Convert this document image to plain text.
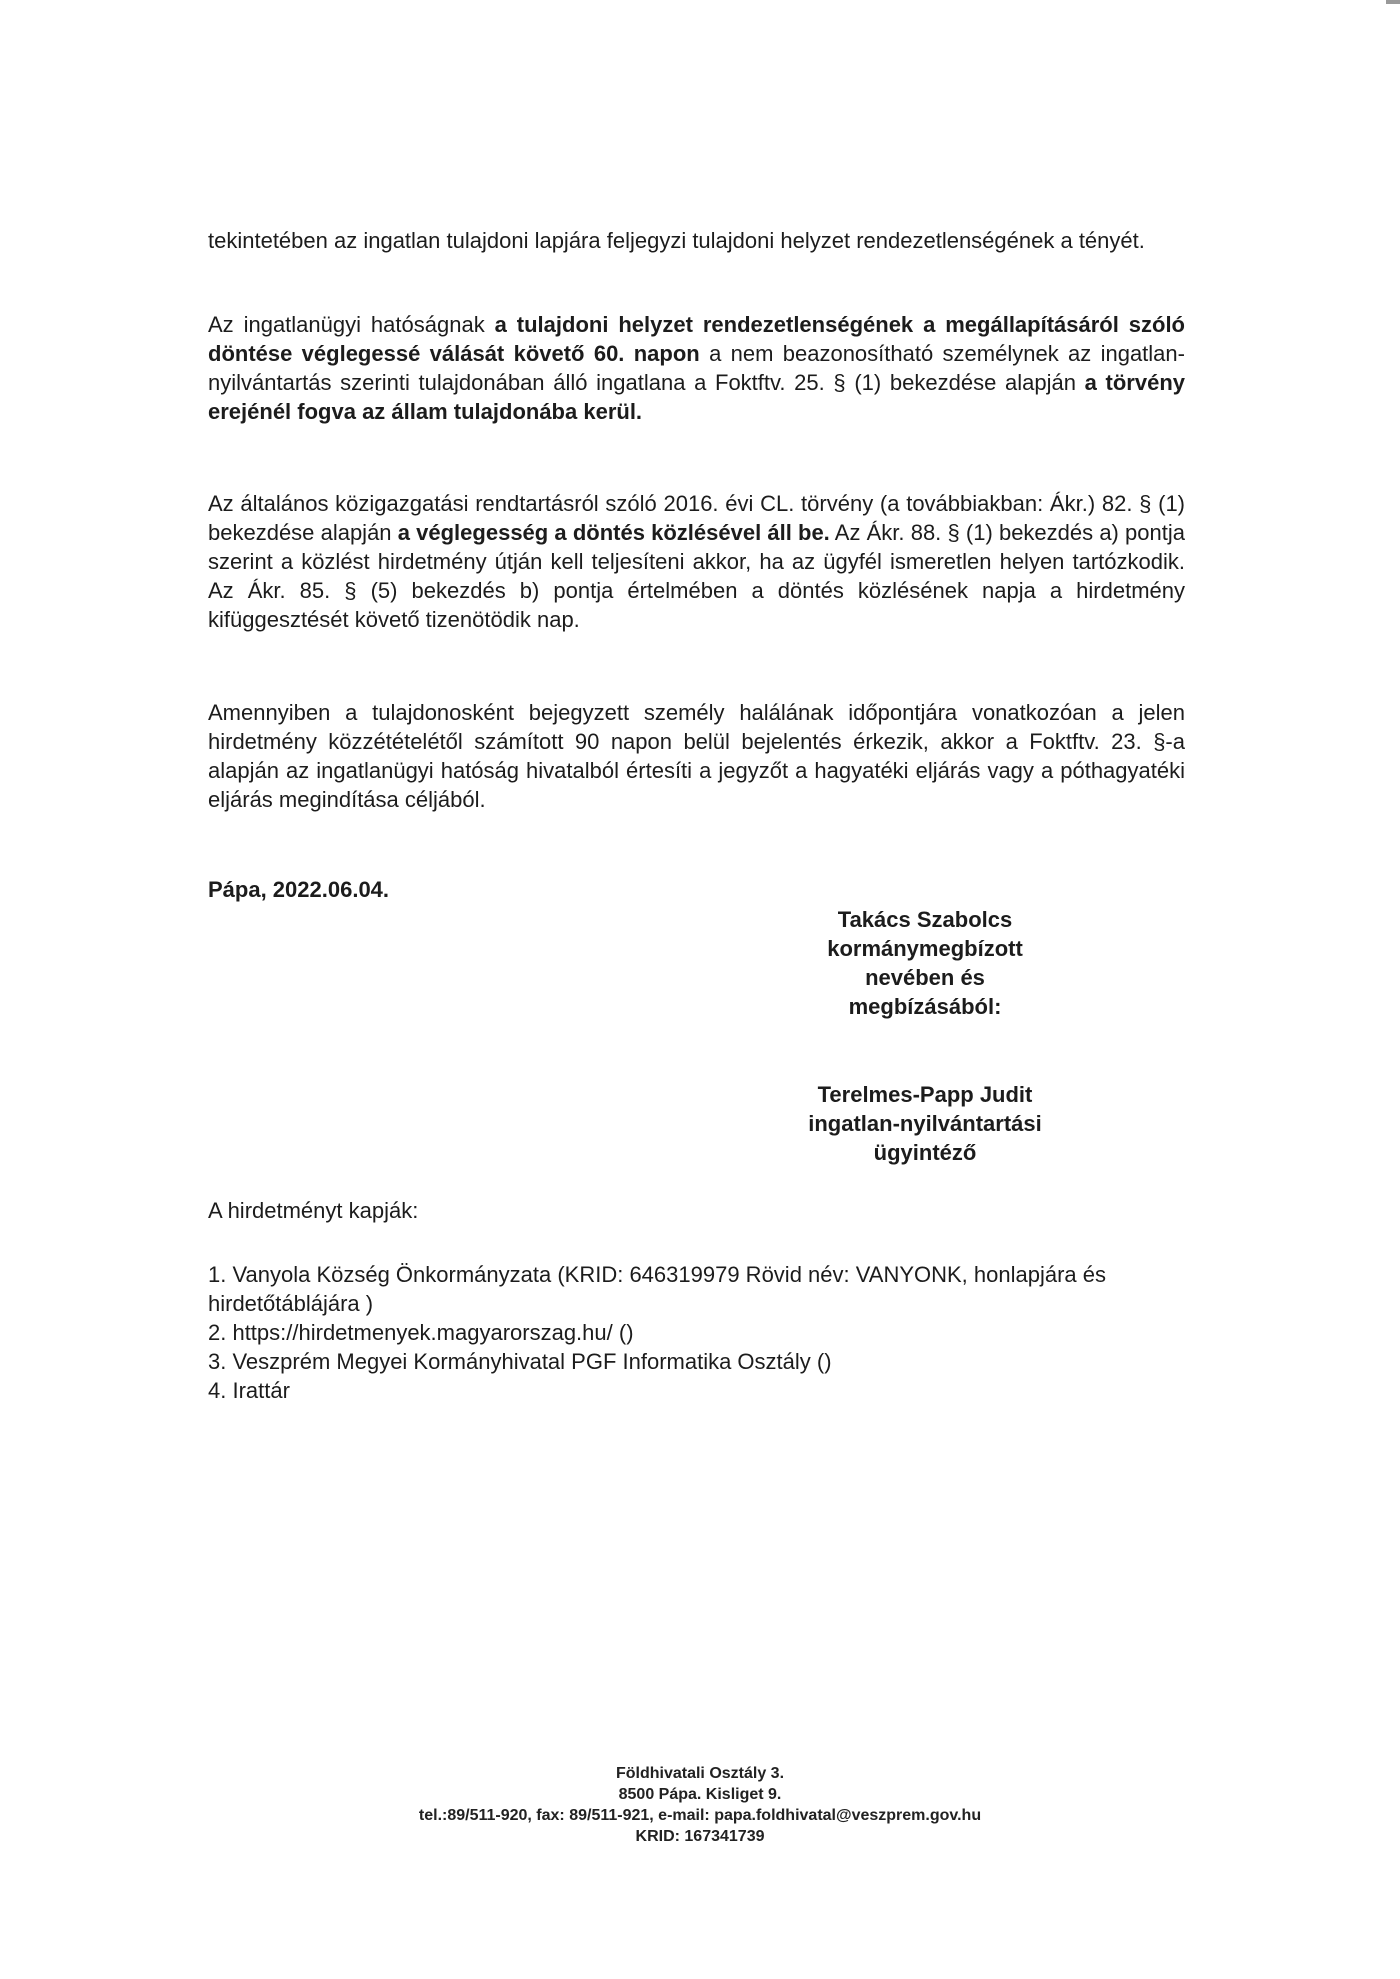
tekintetében az ingatlan tulajdoni lapjára feljegyzi tulajdoni helyzet rendezetlenségének a tényét.

Az ingatlanügyi hatóságnak a tulajdoni helyzet rendezetlenségének a megállapításáról szóló döntése véglegessé válását követő 60. napon a nem beazonosítható személynek az ingatlan- nyilvántartás szerinti tulajdonában álló ingatlana a Foktftv. 25. § (1) bekezdése alapján a törvény erejénél fogva az állam tulajdonába kerül.

Az általános közigazgatási rendtartásról szóló 2016. évi CL. törvény (a továbbiakban: Ákr.) 82. § (1) bekezdése alapján a véglegesség a döntés közlésével áll be. Az Ákr. 88. § (1) bekezdés a) pontja szerint a közlést hirdetmény útján kell teljesíteni akkor, ha az ügyfél ismeretlen helyen tartózkodik. Az Ákr. 85. § (5) bekezdés b) pontja értelmében a döntés közlésének napja a hirdetmény kifüggesztését követő tizenötödik nap.

Amennyiben a tulajdonosként bejegyzett személy halálának időpontjára vonatkozóan a jelen hirdetmény közzétételétől számított 90 napon belül bejelentés érkezik, akkor a Foktftv. 23. §-a alapján az ingatlanügyi hatóság hivatalból értesíti a jegyzőt a hagyatéki eljárás vagy a póthagyatéki eljárás megindítása céljából.

Pápa, 2022.06.04.
Takács Szabolcs
kormánymegbízott
nevében és
megbízásából:
Terelmes-Papp Judit
ingatlan-nyilvántartási
ügyintéző
A hirdetményt kapják:
1. Vanyola Község Önkormányzata (KRID: 646319979 Rövid név: VANYONK, honlapjára és hirdetőtáblájára )
2. https://hirdetmenyek.magyarorszag.hu/ ()
3. Veszprém Megyei Kormányhivatal PGF Informatika Osztály ()
4. Irattár
Földhivatali Osztály 3.
8500 Pápa. Kisliget 9.
tel.:89/511-920, fax: 89/511-921, e-mail: papa.foldhivatal@veszprem.gov.hu
KRID: 167341739
